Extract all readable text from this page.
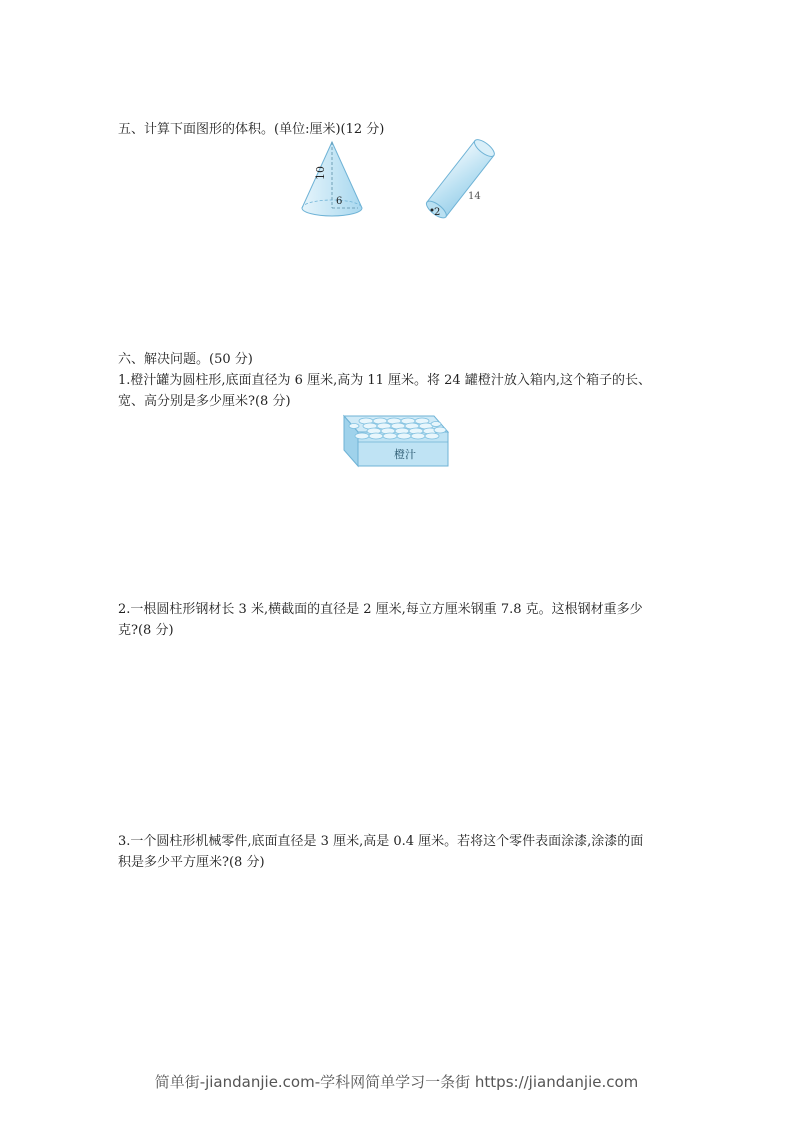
五、计算下面图形的体积。(单位:厘米)(12 分)
10
6
2
14
六、解决问题。(50 分)
1.橙汁罐为圆柱形,底面直径为 6 厘米,高为 11 厘米。将 24 罐橙汁放入箱内,这个箱子的长、
宽、高分别是多少厘米?(8 分)
橙汁
2.一根圆柱形钢材长 3 米,横截面的直径是 2 厘米,每立方厘米钢重 7.8 克。这根钢材重多少
克?(8 分)
3.一个圆柱形机械零件,底面直径是 3 厘米,高是 0.4 厘米。若将这个零件表面涂漆,涂漆的面
积是多少平方厘米?(8 分)
简单街-jiandanjie.com-学科网简单学习一条街 https://jiandanjie.com
